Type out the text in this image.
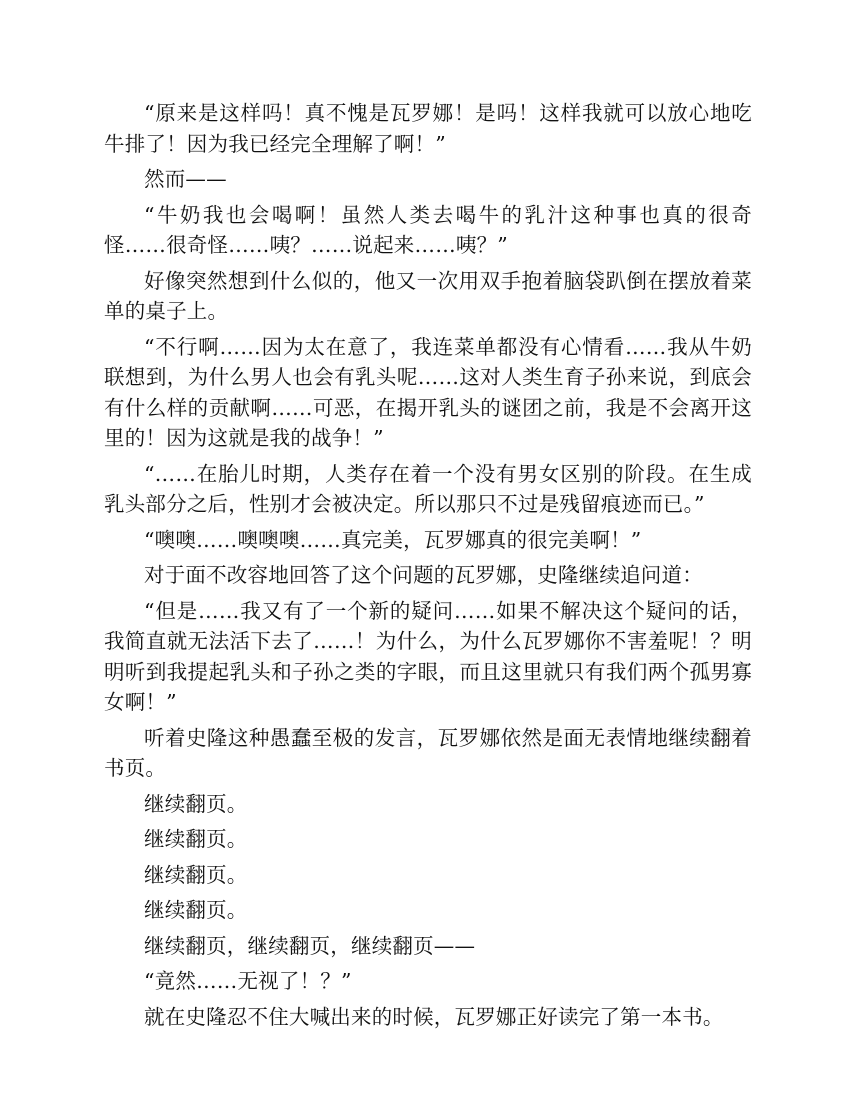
“原来是这样吗！真不愧是瓦罗娜！是吗！这样我就可以放心地吃牛排了！因为我已经完全理解了啊！”

然而——

“牛奶我也会喝啊！虽然人类去喝牛的乳汁这种事也真的很奇怪……很奇怪……咦？……说起来……咦？”

好像突然想到什么似的，他又一次用双手抱着脑袋趴倒在摆放着菜单的桌子上。

“不行啊……因为太在意了，我连菜单都没有心情看……我从牛奶联想到，为什么男人也会有乳头呢……这对人类生育子孙来说，到底会有什么样的贡献啊……可恶，在揭开乳头的谜团之前，我是不会离开这里的！因为这就是我的战争！”

“……在胎儿时期，人类存在着一个没有男女区别的阶段。在生成乳头部分之后，性别才会被决定。所以那只不过是残留痕迹而已。”

“噢噢……噢噢噢……真完美，瓦罗娜真的很完美啊！”

对于面不改容地回答了这个问题的瓦罗娜，史隆继续追问道：

“但是……我又有了一个新的疑问……如果不解决这个疑问的话，我简直就无法活下去了……！为什么，为什么瓦罗娜你不害羞呢！？明明听到我提起乳头和子孙之类的字眼，而且这里就只有我们两个孤男寡女啊！”

听着史隆这种愚蠢至极的发言，瓦罗娜依然是面无表情地继续翻着书页。

继续翻页。

继续翻页。

继续翻页。

继续翻页。

继续翻页，继续翻页，继续翻页——

“竟然……无视了！？”

就在史隆忍不住大喊出来的时候，瓦罗娜正好读完了第一本书。
